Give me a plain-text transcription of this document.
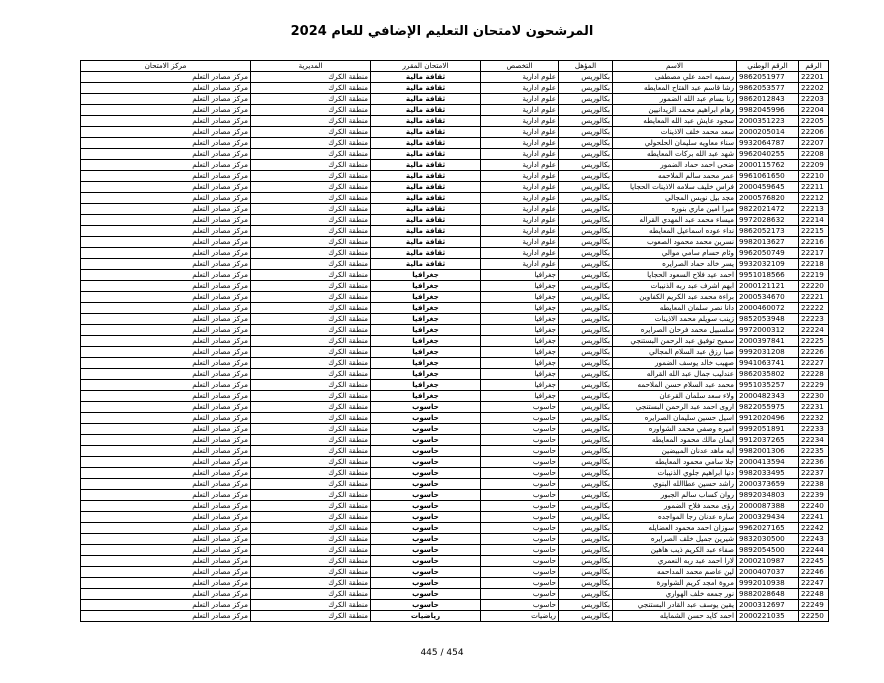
المرشحون لامتحان التعليم الإضافي للعام 2024
الرقم	الرقم الوطني	الاسم	المؤهل	التخصص	الامتحان المقرر	المديرية	مركز الامتحان
22201	9862051977	رسميه احمد علي مصطفى	بكالوريس	علوم ادارية	ثقافة مالية	منطقة الكرك	مركز مصادر التعلم
22202	9862053577	رشا قاسم عبد الفتاح المعايطه	بكالوريس	علوم ادارية	ثقافة مالية	منطقة الكرك	مركز مصادر التعلم
22203	9862012843	رنا بسام عبد الله الضمور	بكالوريس	علوم ادارية	ثقافة مالية	منطقة الكرك	مركز مصادر التعلم
22204	9982045996	رهام ابراهيم محمد الزيدانيين	بكالوريس	علوم ادارية	ثقافة مالية	منطقة الكرك	مركز مصادر التعلم
22205	2000351223	سجود عايش عبد الله المعايطه	بكالوريس	علوم ادارية	ثقافة مالية	منطقة الكرك	مركز مصادر التعلم
22206	2000205014	سعد محمد خلف الاذينات	بكالوريس	علوم ادارية	ثقافة مالية	منطقة الكرك	مركز مصادر التعلم
22207	9932064787	سناء معاويه سليمان الحلحولي	بكالوريس	علوم ادارية	ثقافة مالية	منطقة الكرك	مركز مصادر التعلم
22208	9962040255	شهد عبد الله بركات المعايطه	بكالوريس	علوم ادارية	ثقافة مالية	منطقة الكرك	مركز مصادر التعلم
22209	2000115762	ضحى احمد حماد الضمور	بكالوريس	علوم ادارية	ثقافة مالية	منطقة الكرك	مركز مصادر التعلم
22210	9961061650	عمر محمد سالم الملاحمه	بكالوريس	علوم ادارية	ثقافة مالية	منطقة الكرك	مركز مصادر التعلم
22211	2000459645	فراس خليف سلامه الاذينات الحجايا	بكالوريس	علوم ادارية	ثقافة مالية	منطقة الكرك	مركز مصادر التعلم
22212	2000576820	مجد بيل نويس المجالي	بكالوريس	علوم ادارية	ثقافة مالية	منطقة الكرك	مركز مصادر التعلم
22213	9822021472	ميرا امين ماري بنوره	بكالوريس	علوم ادارية	ثقافة مالية	منطقة الكرك	مركز مصادر التعلم
22214	9972028632	ميساء محمد عبد المهدي القراله	بكالوريس	علوم ادارية	ثقافة مالية	منطقة الكرك	مركز مصادر التعلم
22215	9862052173	نداء عوده اسماعيل المعايطه	بكالوريس	علوم ادارية	ثقافة مالية	منطقة الكرك	مركز مصادر التعلم
22216	9982013627	نسرين محمد محمود الصعوب	بكالوريس	علوم ادارية	ثقافة مالية	منطقة الكرك	مركز مصادر التعلم
22217	9962050749	وئام حسام سامي موالي	بكالوريس	علوم ادارية	ثقافة مالية	منطقة الكرك	مركز مصادر التعلم
22218	9932032109	يسر خالد حماد الصرايره	بكالوريس	علوم ادارية	ثقافة مالية	منطقة الكرك	مركز مصادر التعلم
22219	9951018566	احمد عيد فلاح السعود الحجايا	بكالوريس	جغرافيا	جغرافيا	منطقة الكرك	مركز مصادر التعلم
22220	2000121121	ابهم اشرف عبد ربه الذنيبات	بكالوريس	جغرافيا	جغرافيا	منطقة الكرك	مركز مصادر التعلم
22221	2000534670	براءة محمد عبد الكريم الكفاوين	بكالوريس	جغرافيا	جغرافيا	منطقة الكرك	مركز مصادر التعلم
22222	2000460072	دانا نصر سلمان المعايطه	بكالوريس	جغرافيا	جغرافيا	منطقة الكرك	مركز مصادر التعلم
22223	9852053948	زينب سويلم محمد الاذينات	بكالوريس	جغرافيا	جغرافيا	منطقة الكرك	مركز مصادر التعلم
22224	9972000312	سلسبيل محمد فرحان الصرايره	بكالوريس	جغرافيا	جغرافيا	منطقة الكرك	مركز مصادر التعلم
22225	2000397841	سميح توفيق عبد الرحمن البستنجي	بكالوريس	جغرافيا	جغرافيا	منطقة الكرك	مركز مصادر التعلم
22226	9992031208	صبا رزق عبد السلام المجالي	بكالوريس	جغرافيا	جغرافيا	منطقة الكرك	مركز مصادر التعلم
22227	9941063741	صهيب خالد يوسف الضمور	بكالوريس	جغرافيا	جغرافيا	منطقة الكرك	مركز مصادر التعلم
22228	9862035802	عندليب جمال عبد الله القراله	بكالوريس	جغرافيا	جغرافيا	منطقة الكرك	مركز مصادر التعلم
22229	9951035257	محمد عبد السلام حسن الملاحمه	بكالوريس	جغرافيا	جغرافيا	منطقة الكرك	مركز مصادر التعلم
22230	2000482343	ولاء سعد سلمان القرعان	بكالوريس	جغرافيا	جغرافيا	منطقة الكرك	مركز مصادر التعلم
22231	9822055975	اروى احمد عبد الرحمن البستنجي	بكالوريس	حاسوب	حاسوب	منطقة الكرك	مركز مصادر التعلم
22232	9912020496	اسيل حسين سليمان الصرايره	بكالوريس	حاسوب	حاسوب	منطقة الكرك	مركز مصادر التعلم
22233	9992051891	اميره وصفي محمد الشواوره	بكالوريس	حاسوب	حاسوب	منطقة الكرك	مركز مصادر التعلم
22234	9912037265	ايمان مالك محمود المعايطه	بكالوريس	حاسوب	حاسوب	منطقة الكرك	مركز مصادر التعلم
22235	9982001306	ايه ماهد عدنان المبيضين	بكالوريس	حاسوب	حاسوب	منطقة الكرك	مركز مصادر التعلم
22236	2000413594	جلا سامي محمود المعايطه	بكالوريس	حاسوب	حاسوب	منطقة الكرك	مركز مصادر التعلم
22237	9982033495	دنيا ابراهيم جلوي الذنيبات	بكالوريس	حاسوب	حاسوب	منطقة الكرك	مركز مصادر التعلم
22238	2000373659	راشد حسين عطاالله البنوي	بكالوريس	حاسوب	حاسوب	منطقة الكرك	مركز مصادر التعلم
22239	9892034803	روان كساب سالم الجبور	بكالوريس	حاسوب	حاسوب	منطقة الكرك	مركز مصادر التعلم
22240	2000087388	رؤى محمد فلاح الضمور	بكالوريس	حاسوب	حاسوب	منطقة الكرك	مركز مصادر التعلم
22241	2000329434	ساره عدنان رجا المواجده	بكالوريس	حاسوب	حاسوب	منطقة الكرك	مركز مصادر التعلم
22242	9962027165	سوزان احمد محمود العضايله	بكالوريس	حاسوب	حاسوب	منطقة الكرك	مركز مصادر التعلم
22243	9832030500	شيرين جميل خلف الصرايره	بكالوريس	حاسوب	حاسوب	منطقة الكرك	مركز مصادر التعلم
22244	9892054500	صفاء عبد الكريم ذيب هاهين	بكالوريس	حاسوب	حاسوب	منطقة الكرك	مركز مصادر التعلم
22245	2000210987	لارا احمد عبد ربه النعمري	بكالوريس	حاسوب	حاسوب	منطقة الكرك	مركز مصادر التعلم
22246	2000407037	لين عاصم محمد المداحمه	بكالوريس	حاسوب	حاسوب	منطقة الكرك	مركز مصادر التعلم
22247	9992010938	مروة امجد كريم الشواورة	بكالوريس	حاسوب	حاسوب	منطقة الكرك	مركز مصادر التعلم
22248	9882028648	نور جمعه خلف الهواري	بكالوريس	حاسوب	حاسوب	منطقة الكرك	مركز مصادر التعلم
22249	2000312697	يقين يوسف عبد القادر البستنجي	بكالوريس	حاسوب	حاسوب	منطقة الكرك	مركز مصادر التعلم
22250	2000221035	احمد كايد حسن الشمايله	بكالوريس	رياضيات	رياضيات	منطقة الكرك	مركز مصادر التعلم
445 / 454
